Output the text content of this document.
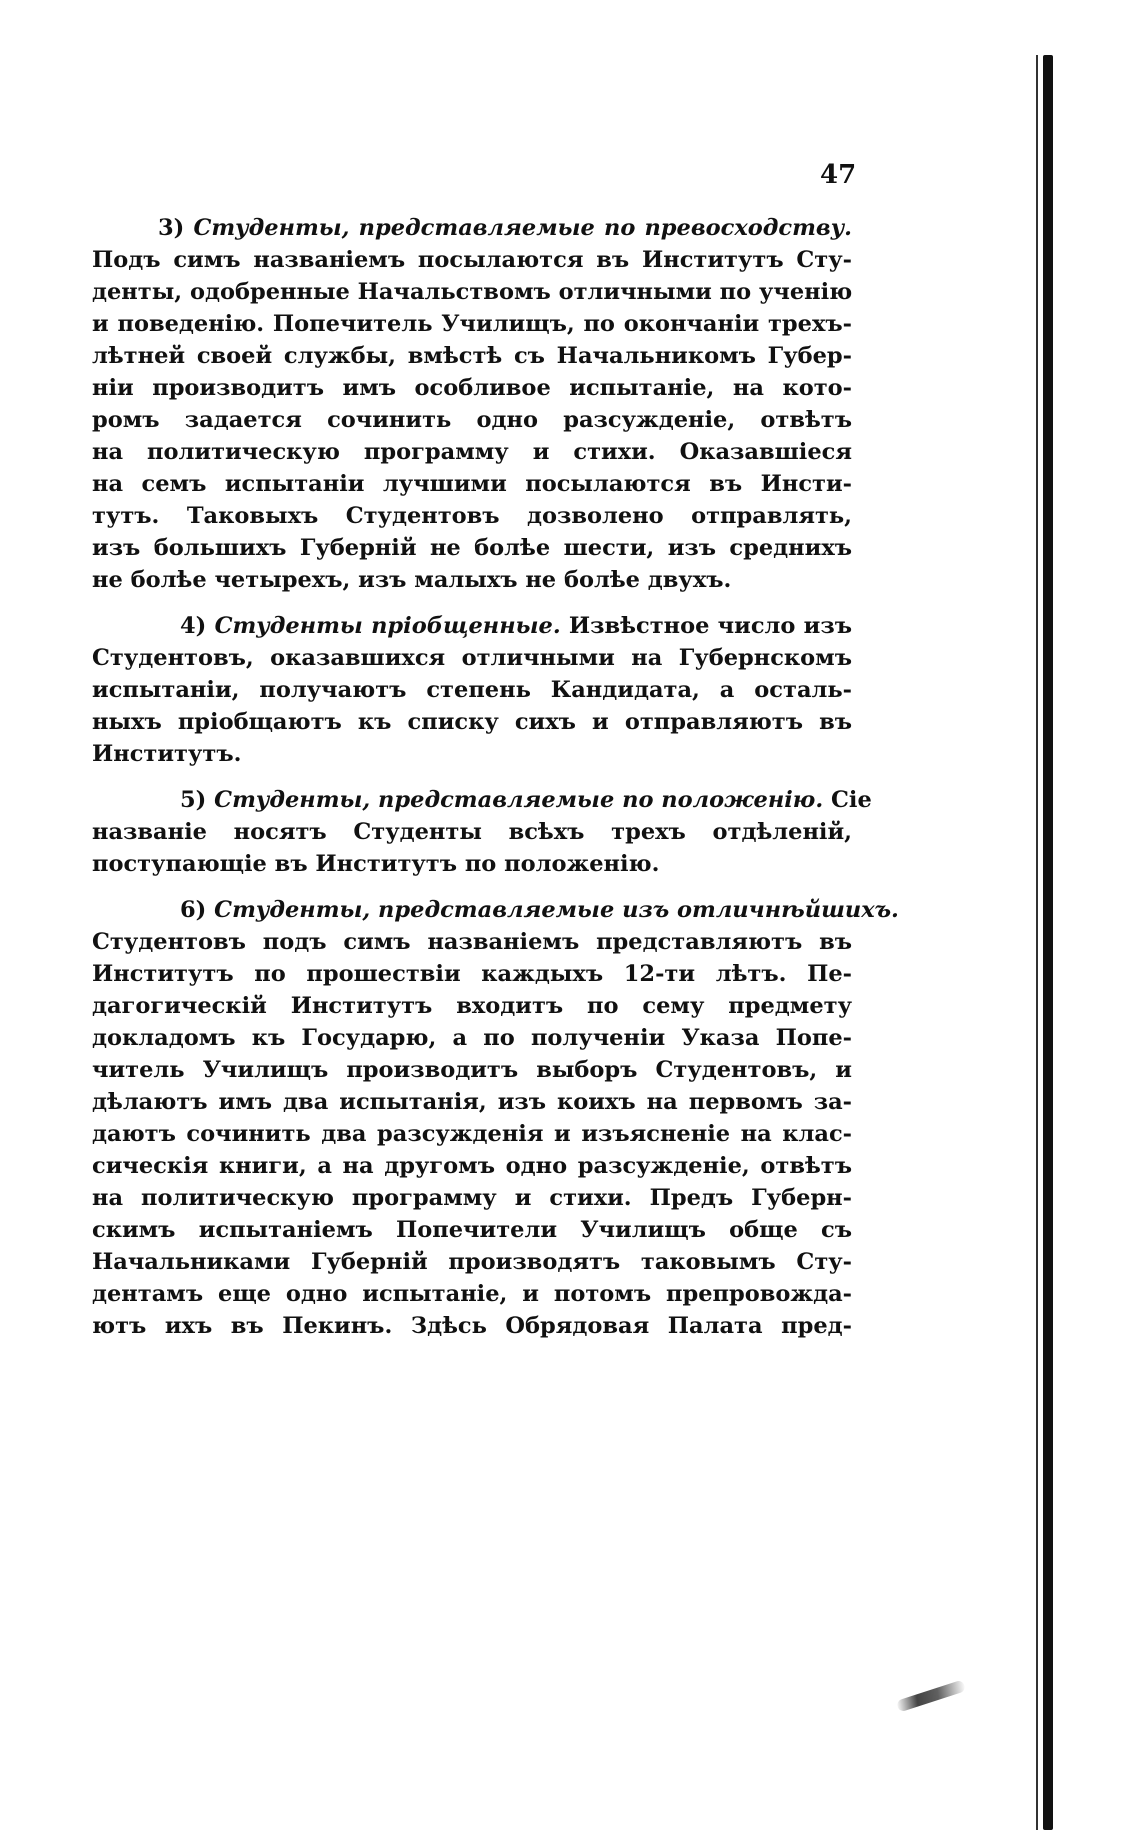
47
3) Студенты, представляемые по превосходству.
Подъ симъ названіемъ посылаются въ Институтъ Сту-
денты, одобренные Начальствомъ отличными по ученію
и поведенію. Попечитель Училищъ, по окончаніи трехъ-
лѣтней своей службы, вмѣстѣ съ Начальникомъ Губер-
ніи производитъ имъ особливое испытаніе, на кото-
ромъ задается сочинить одно разсужденіе, отвѣтъ
на политическую программу и стихи. Оказавшіеся
на семъ испытаніи лучшими посылаются въ Инсти-
тутъ. Таковыхъ Студентовъ дозволено отправлять,
изъ большихъ Губерній не болѣе шести, изъ среднихъ
не болѣе четырехъ, изъ малыхъ не болѣе двухъ.
4) Студенты пріобщенные. Извѣстное число изъ
Студентовъ, оказавшихся отличными на Губернскомъ
испытаніи, получаютъ степень Кандидата, а осталь-
ныхъ пріобщаютъ къ списку сихъ и отправляютъ въ
Институтъ.
5) Студенты, представляемые по положенію. Сіе
названіе носятъ Студенты всѣхъ трехъ отдѣленій,
поступающіе въ Институтъ по положенію.
6) Студенты, представляемые изъ отличнѣйшихъ.
Студентовъ подъ симъ названіемъ представляютъ въ
Институтъ по прошествіи каждыхъ 12-ти лѣтъ. Пе-
дагогическій Институтъ входитъ по сему предмету
докладомъ къ Государю, а по полученіи Указа Попе-
читель Училищъ производитъ выборъ Студентовъ, и
дѣлаютъ имъ два испытанія, изъ коихъ на первомъ за-
даютъ сочинить два разсужденія и изъясненіе на клас-
сическія книги, а на другомъ одно разсужденіе, отвѣтъ
на политическую программу и стихи. Предъ Губерн-
скимъ испытаніемъ Попечители Училищъ обще съ
Начальниками Губерній производятъ таковымъ Сту-
дентамъ еще одно испытаніе, и потомъ препровожда-
ютъ ихъ въ Пекинъ. Здѣсь Обрядовая Палата пред-
